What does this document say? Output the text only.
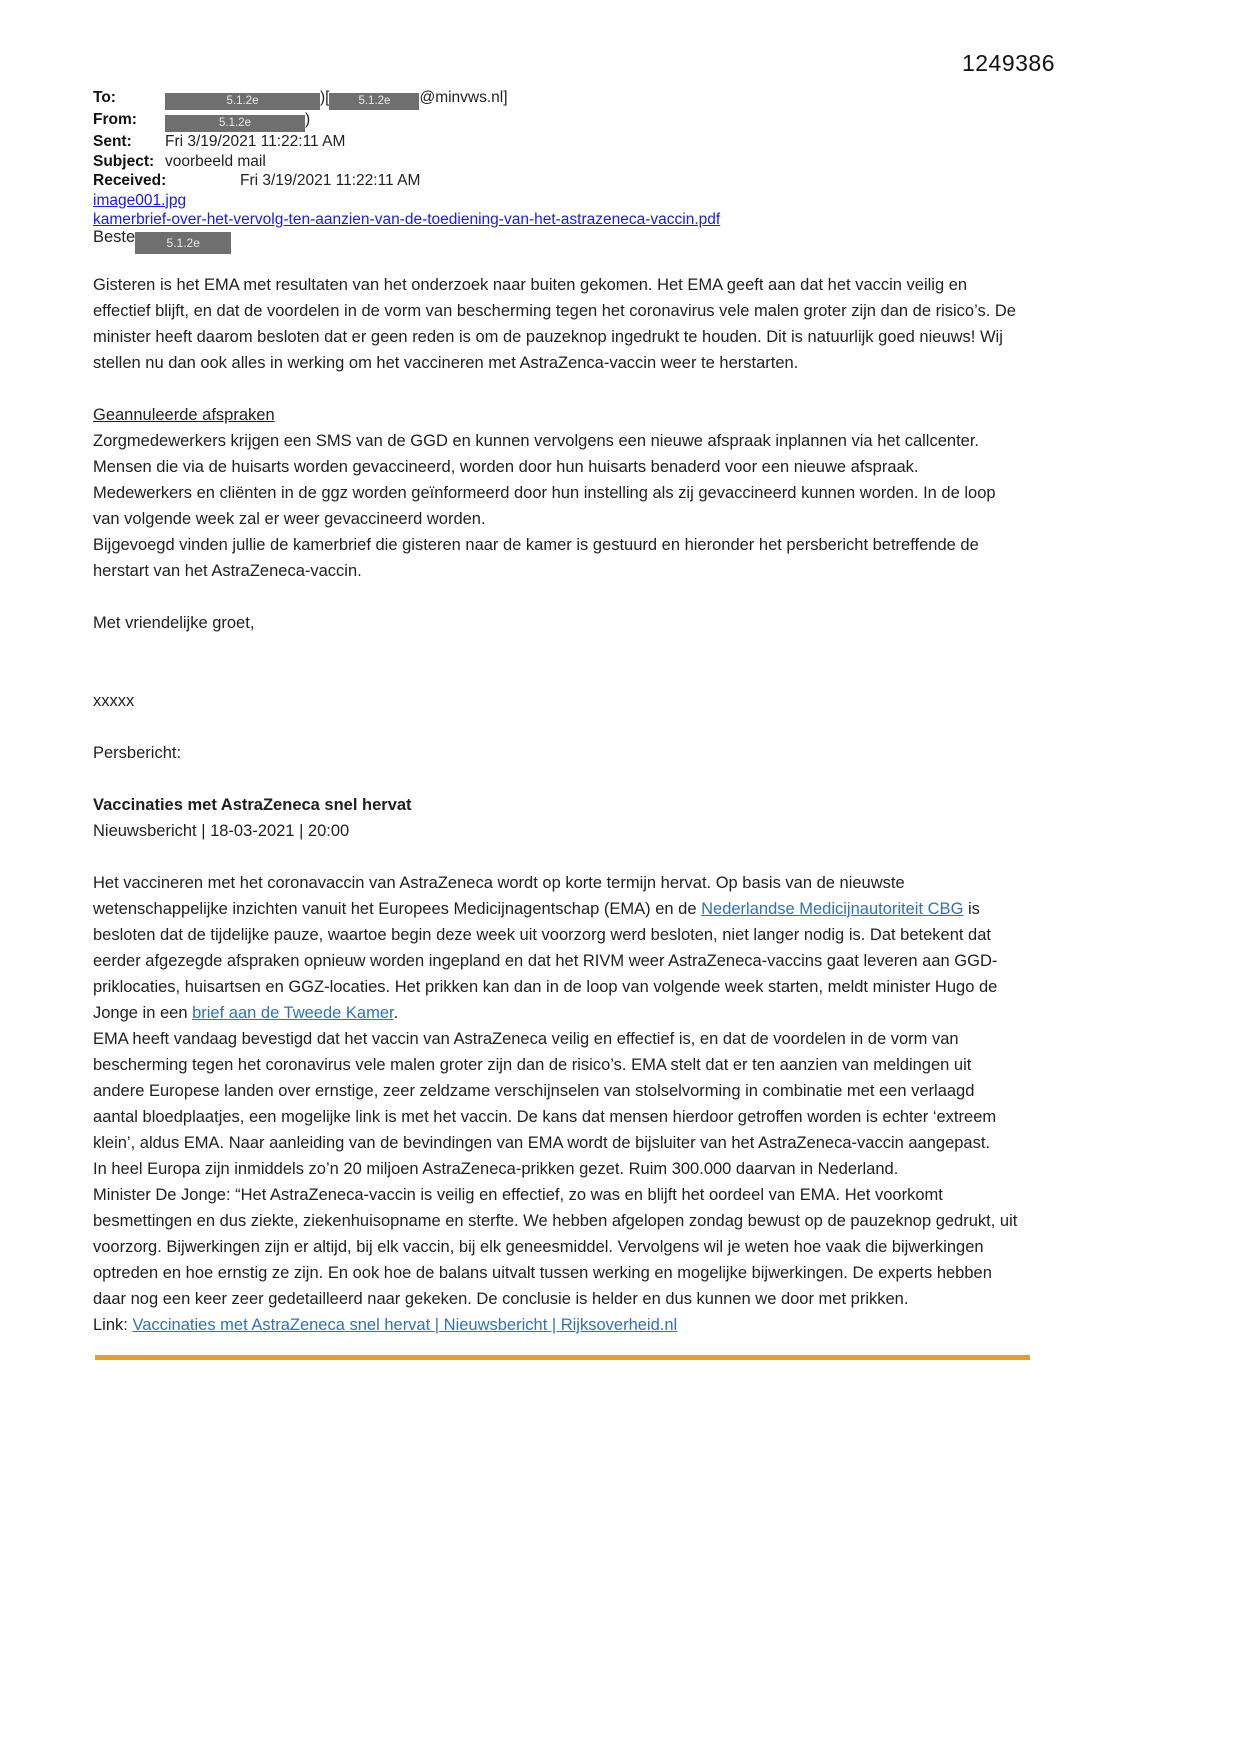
1249386
To:	5.1.2e	)[	5.1.2e @minvws.nl]
From:	5.1.2e	)
Sent:	Fri 3/19/2021 11:22:11 AM
Subject: voorbeeld mail
Received:	Fri 3/19/2021 11:22:11 AM
image001.jpg
kamerbrief-over-het-vervolg-ten-aanzien-van-de-toediening-van-het-astrazeneca-vaccin.pdf
Beste	5.1.2e

Gisteren is het EMA met resultaten van het onderzoek naar buiten gekomen. Het EMA geeft aan dat het vaccin veilig en effectief blijft, en dat de voordelen in de vorm van bescherming tegen het coronavirus vele malen groter zijn dan de risico’s. De minister heeft daarom besloten dat er geen reden is om de pauzeknop ingedrukt te houden. Dit is natuurlijk goed nieuws! Wij stellen nu dan ook alles in werking om het vaccineren met AstraZenca-vaccin weer te herstarten.

Geannuleerde afspraken

Zorgmedewerkers krijgen een SMS van de GGD en kunnen vervolgens een nieuwe afspraak inplannen via het callcenter. Mensen die via de huisarts worden gevaccineerd, worden door hun huisarts benaderd voor een nieuwe afspraak. Medewerkers en cliënten in de ggz worden geïnformeerd door hun instelling als zij gevaccineerd kunnen worden. In de loop van volgende week zal er weer gevaccineerd worden.

Bijgevoegd vinden jullie de kamerbrief die gisteren naar de kamer is gestuurd en hieronder het persbericht betreffende de herstart van het AstraZeneca-vaccin.

Met vriendelijke groet,

xxxxx

Persbericht:

Vaccinaties met AstraZeneca snel hervat

Nieuwsbericht | 18-03-2021 | 20:00

Het vaccineren met het coronavaccin van AstraZeneca wordt op korte termijn hervat. Op basis van de nieuwste wetenschappelijke inzichten vanuit het Europees Medicijnagentschap (EMA) en de Nederlandse Medicijnautoriteit CBG is besloten dat de tijdelijke pauze, waartoe begin deze week uit voorzorg werd besloten, niet langer nodig is. Dat betekent dat eerder afgezegde afspraken opnieuw worden ingepland en dat het RIVM weer AstraZeneca-vaccins gaat leveren aan GGD-priklocaties, huisartsen en GGZ-locaties. Het prikken kan dan in de loop van volgende week starten, meldt minister Hugo de Jonge in een brief aan de Tweede Kamer.

EMA heeft vandaag bevestigd dat het vaccin van AstraZeneca veilig en effectief is, en dat de voordelen in de vorm van bescherming tegen het coronavirus vele malen groter zijn dan de risico’s. EMA stelt dat er ten aanzien van meldingen uit andere Europese landen over ernstige, zeer zeldzame verschijnselen van stolselvorming in combinatie met een verlaagd aantal bloedplaatjes, een mogelijke link is met het vaccin. De kans dat mensen hierdoor getroffen worden is echter ‘extreem klein’, aldus EMA. Naar aanleiding van de bevindingen van EMA wordt de bijsluiter van het AstraZeneca-vaccin aangepast.

In heel Europa zijn inmiddels zo’n 20 miljoen AstraZeneca-prikken gezet. Ruim 300.000 daarvan in Nederland.

Minister De Jonge: “Het AstraZeneca-vaccin is veilig en effectief, zo was en blijft het oordeel van EMA. Het voorkomt besmettingen en dus ziekte, ziekenhuisopname en sterfte. We hebben afgelopen zondag bewust op de pauzeknop gedrukt, uit voorzorg. Bijwerkingen zijn er altijd, bij elk vaccin, bij elk geneesmiddel. Vervolgens wil je weten hoe vaak die bijwerkingen optreden en hoe ernstig ze zijn. En ook hoe de balans uitvalt tussen werking en mogelijke bijwerkingen. De experts hebben daar nog een keer zeer gedetailleerd naar gekeken. De conclusie is helder en dus kunnen we door met prikken.

Link: Vaccinaties met AstraZeneca snel hervat | Nieuwsbericht | Rijksoverheid.nl
